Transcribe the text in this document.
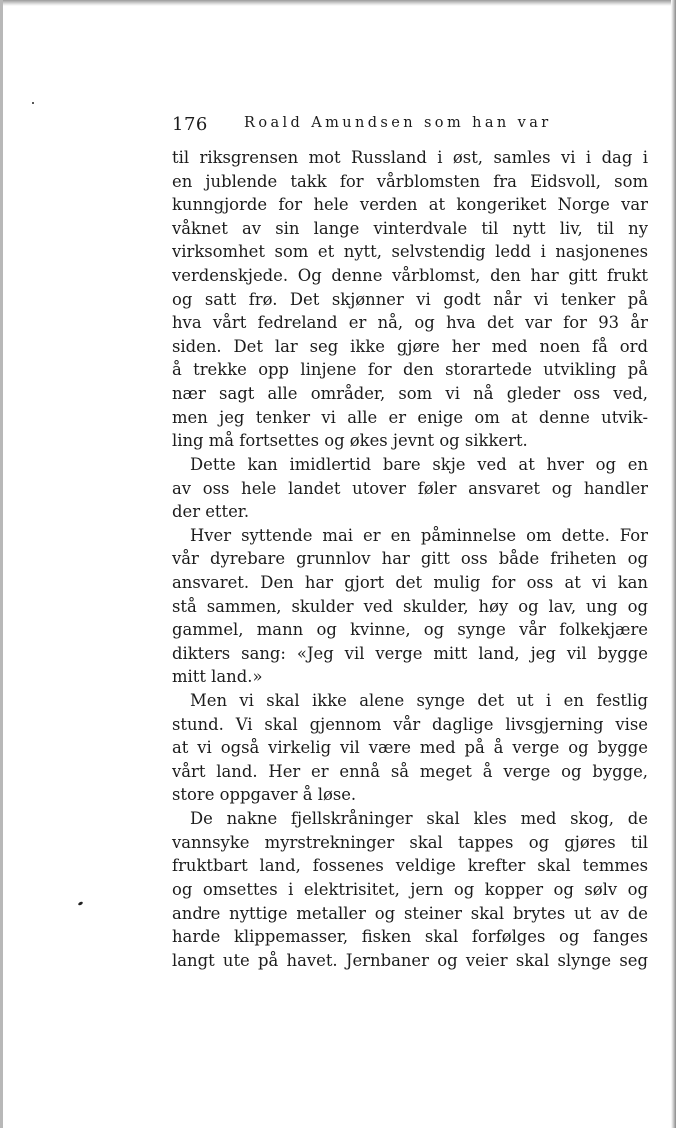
176 Roald Amundsen som han var
til riksgrensen mot Russland i øst, samles vi i dag i
en jublende takk for vårblomsten fra Eidsvoll, som
kunngjorde for hele verden at kongeriket Norge var
våknet av sin lange vinterdvale til nytt liv, til ny
virksomhet som et nytt, selvstendig ledd i nasjonenes
verdenskjede. Og denne vårblomst, den har gitt frukt
og satt frø. Det skjønner vi godt når vi tenker på
hva vårt fedreland er nå, og hva det var for 93 år
siden. Det lar seg ikke gjøre her med noen få ord
å trekke opp linjene for den storartede utvikling på
nær sagt alle områder, som vi nå gleder oss ved,
men jeg tenker vi alle er enige om at denne utvik-
ling må fortsettes og økes jevnt og sikkert.
Dette kan imidlertid bare skje ved at hver og en
av oss hele landet utover føler ansvaret og handler
der etter.
Hver syttende mai er en påminnelse om dette. For
vår dyrebare grunnlov har gitt oss både friheten og
ansvaret. Den har gjort det mulig for oss at vi kan
stå sammen, skulder ved skulder, høy og lav, ung og
gammel, mann og kvinne, og synge vår folkekjære
dikters sang: «Jeg vil verge mitt land, jeg vil bygge
mitt land.»
Men vi skal ikke alene synge det ut i en festlig
stund. Vi skal gjennom vår daglige livsgjerning vise
at vi også virkelig vil være med på å verge og bygge
vårt land. Her er ennå så meget å verge og bygge,
store oppgaver å løse.
De nakne fjellskråninger skal kles med skog, de
vannsyke myrstrekninger skal tappes og gjøres til
fruktbart land, fossenes veldige krefter skal temmes
og omsettes i elektrisitet, jern og kopper og sølv og
andre nyttige metaller og steiner skal brytes ut av de
harde klippemasser, fisken skal forfølges og fanges
langt ute på havet. Jernbaner og veier skal slynge seg
